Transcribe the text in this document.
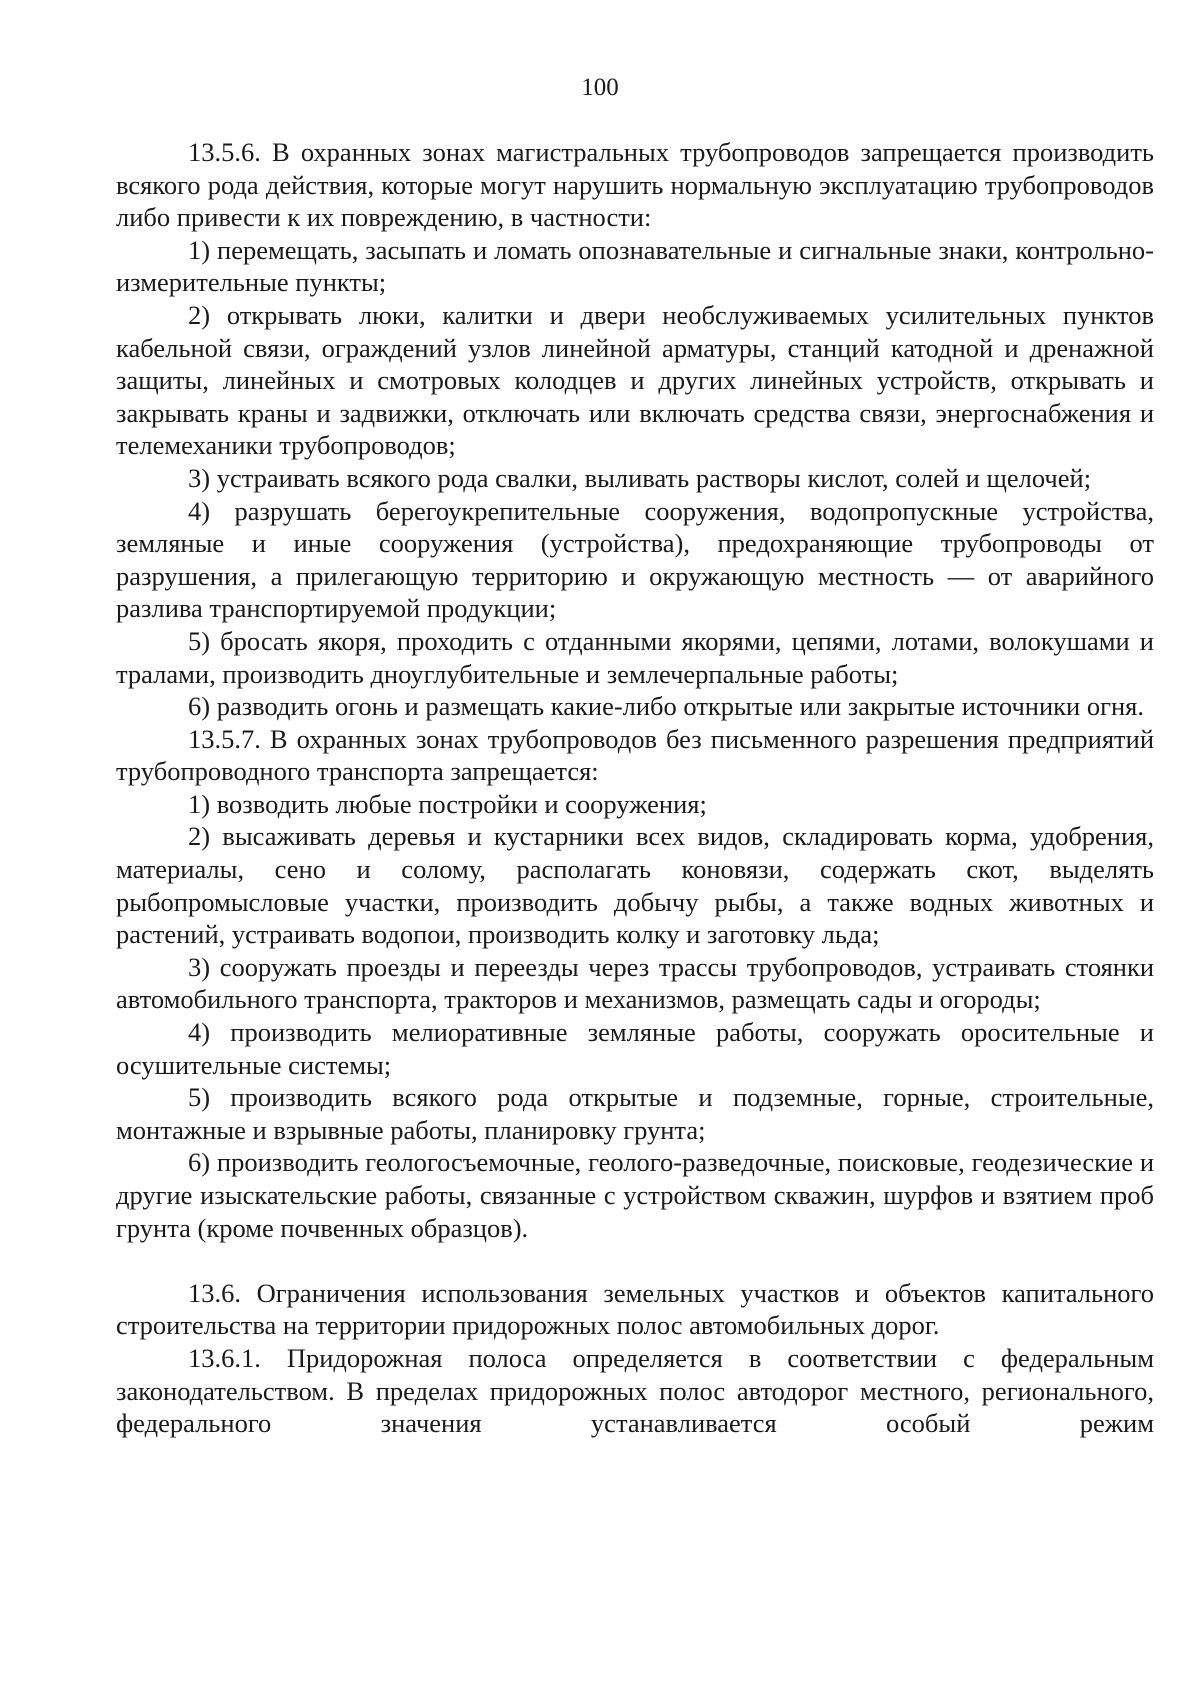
100

13.5.6. В охранных зонах магистральных трубопроводов запрещается производить всякого рода действия, которые могут нарушить нормальную эксплуатацию трубопроводов либо привести к их повреждению, в частности:

1) перемещать, засыпать и ломать опознавательные и сигнальные знаки, контрольно-измерительные пункты;

2) открывать люки, калитки и двери необслуживаемых усилительных пунктов кабельной связи, ограждений узлов линейной арматуры, станций катодной и дренажной защиты, линейных и смотровых колодцев и других линейных устройств, открывать и закрывать краны и задвижки, отключать или включать средства связи, энергоснабжения и телемеханики трубопроводов;

3) устраивать всякого рода свалки, выливать растворы кислот, солей и щелочей;

4) разрушать берегоукрепительные сооружения, водопропускные устройства, земляные и иные сооружения (устройства), предохраняющие трубопроводы от разрушения, а прилегающую территорию и окружающую местность — от аварийного разлива транспортируемой продукции;

5) бросать якоря, проходить с отданными якорями, цепями, лотами, волокушами и тралами, производить дноуглубительные и землечерпальные работы;

6) разводить огонь и размещать какие-либо открытые или закрытые источники огня.

13.5.7. В охранных зонах трубопроводов без письменного разрешения предприятий трубопроводного транспорта запрещается:

1) возводить любые постройки и сооружения;

2) высаживать деревья и кустарники всех видов, складировать корма, удобрения, материалы, сено и солому, располагать коновязи, содержать скот, выделять рыбопромысловые участки, производить добычу рыбы, а также водных животных и растений, устраивать водопои, производить колку и заготовку льда;

3) сооружать проезды и переезды через трассы трубопроводов, устраивать стоянки автомобильного транспорта, тракторов и механизмов, размещать сады и огороды;

4) производить мелиоративные земляные работы, сооружать оросительные и осушительные системы;

5) производить всякого рода открытые и подземные, горные, строительные, монтажные и взрывные работы, планировку грунта;

6) производить геологосъемочные, геолого-разведочные, поисковые, геодезические и другие изыскательские работы, связанные с устройством скважин, шурфов и взятием проб грунта (кроме почвенных образцов).

13.6. Ограничения использования земельных участков и объектов капитального строительства на территории придорожных полос автомобильных дорог.

13.6.1. Придорожная полоса определяется в соответствии с федеральным законодательством. В пределах придорожных полос автодорог местного, регионального, федерального значения устанавливается особый режим
